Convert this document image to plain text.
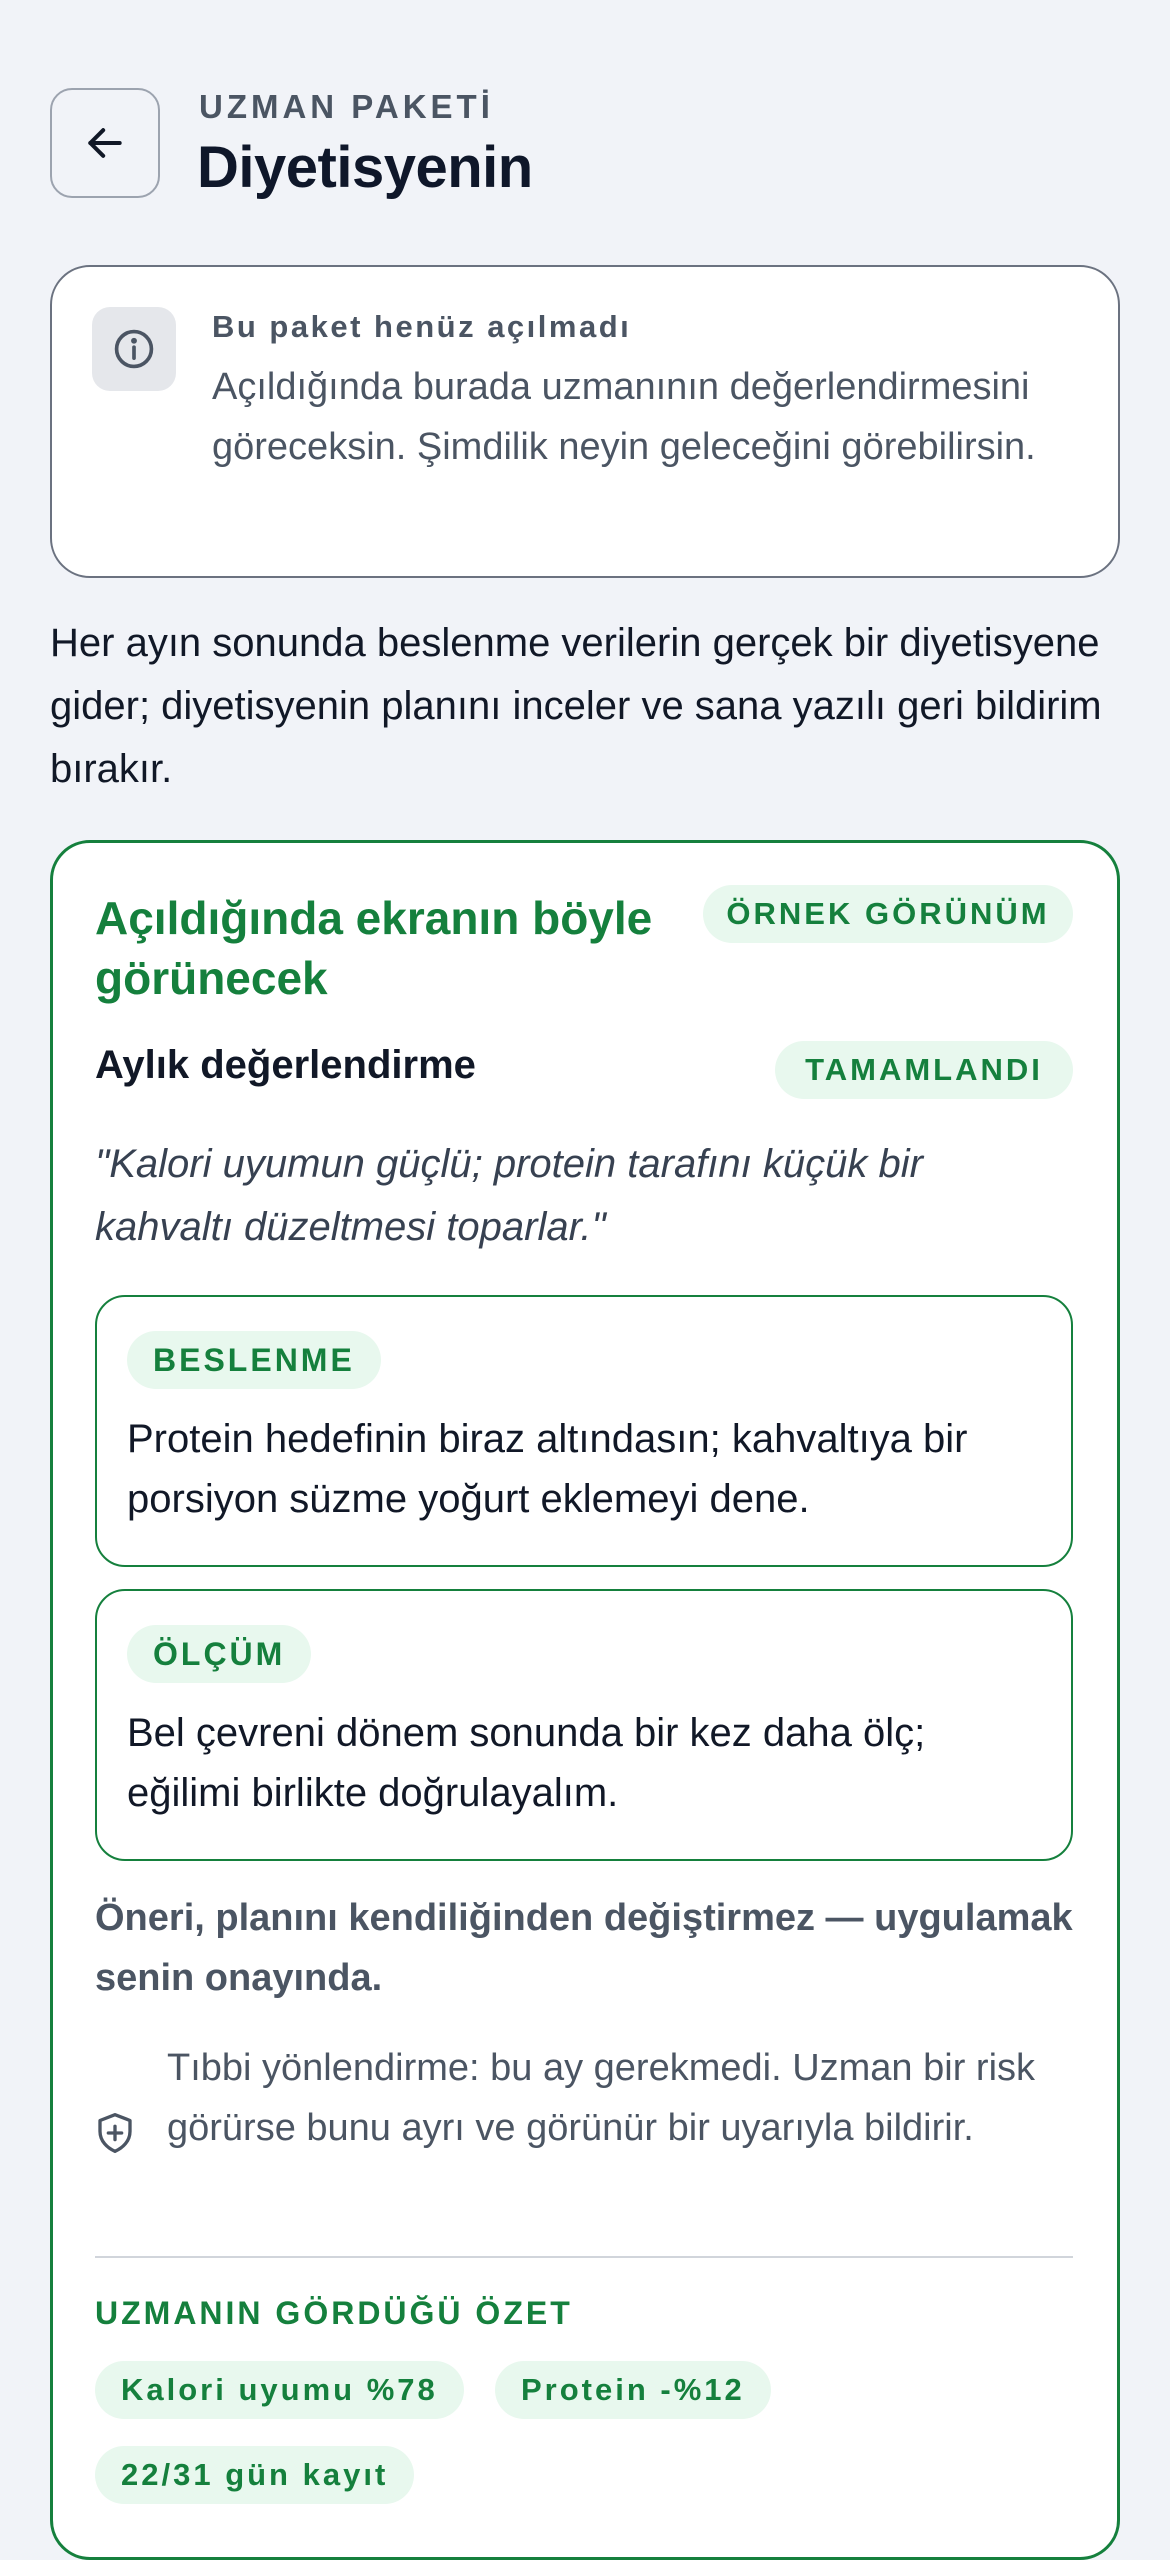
UZMAN PAKETİ
Diyetisyenin
Bu paket henüz açılmadı
Açıldığında burada uzmanının değerlendirmesini göreceksin. Şimdilik neyin geleceğini görebilirsin.
Her ayın sonunda beslenme verilerin gerçek bir diyetisyene gider; diyetisyenin planını inceler ve sana yazılı geri bildirim bırakır.
Açıldığında ekranın böyle görünecek
ÖRNEK GÖRÜNÜM
Aylık değerlendirme	TAMAMLANDI
"Kalori uyumun güçlü; protein tarafını küçük bir kahvaltı düzeltmesi toparlar."
BESLENME
Protein hedefinin biraz altındasın; kahvaltıya bir porsiyon süzme yoğurt eklemeyi dene.
ÖLÇÜM
Bel çevreni dönem sonunda bir kez daha ölç; eğilimi birlikte doğrulayalım.
Öneri, planını kendiliğinden değiştirmez — uygulamak senin onayında.
Tıbbi yönlendirme: bu ay gerekmedi. Uzman bir risk görürse bunu ayrı ve görünür bir uyarıyla bildirir.
UZMANIN GÖRDÜĞÜ ÖZET
Kalori uyumu %78	Protein -%12
22/31 gün kayıt
